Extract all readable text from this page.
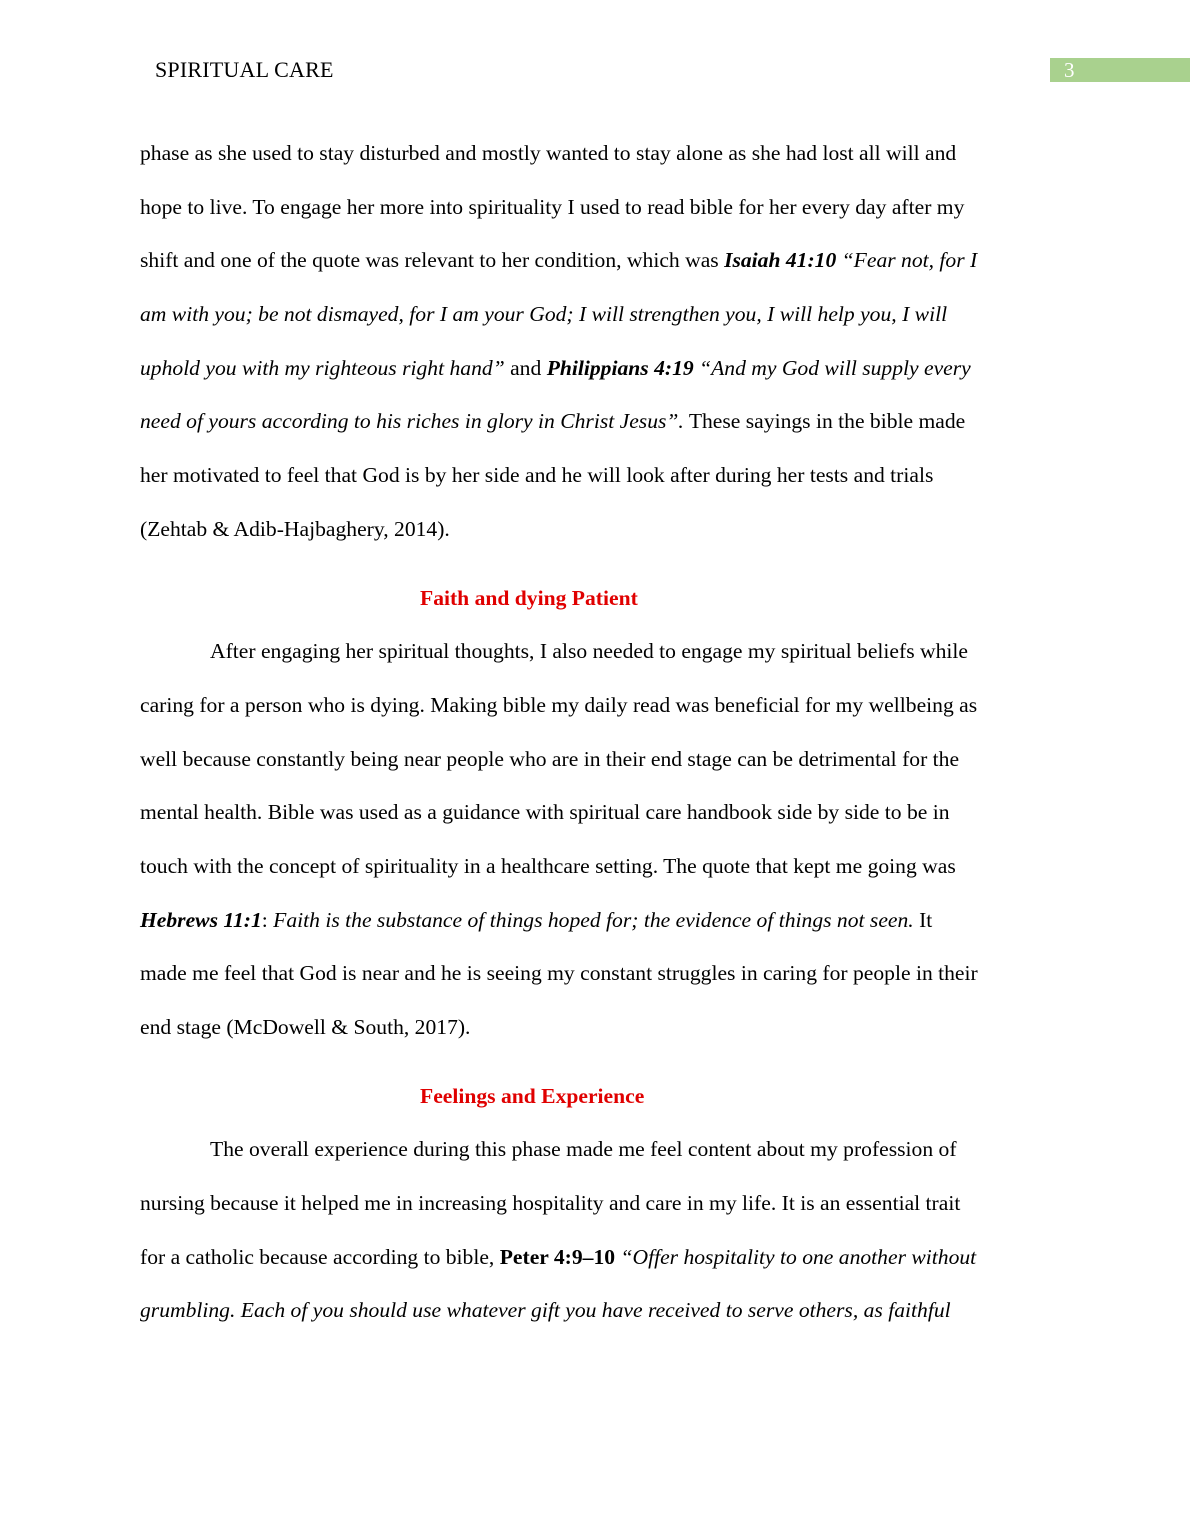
SPIRITUAL CARE	3
phase as she used to stay disturbed and mostly wanted to stay alone as she had lost all will and
hope to live. To engage her more into spirituality I used to read bible for her every day after my
shift and one of the quote was relevant to her condition, which was Isaiah 41:10 “Fear not, for I
am with you; be not dismayed, for I am your God; I will strengthen you, I will help you, I will
uphold you with my righteous right hand” and Philippians 4:19 “And my God will supply every
need of yours according to his riches in glory in Christ Jesus”. These sayings in the bible made
her motivated to feel that God is by her side and he will look after during her tests and trials
(Zehtab & Adib-Hajbaghery, 2014).
Faith and dying Patient
After engaging her spiritual thoughts, I also needed to engage my spiritual beliefs while
caring for a person who is dying. Making bible my daily read was beneficial for my wellbeing as
well because constantly being near people who are in their end stage can be detrimental for the
mental health. Bible was used as a guidance with spiritual care handbook side by side to be in
touch with the concept of spirituality in a healthcare setting. The quote that kept me going was
Hebrews 11:1: Faith is the substance of things hoped for; the evidence of things not seen. It
made me feel that God is near and he is seeing my constant struggles in caring for people in their
end stage (McDowell & South, 2017).
Feelings and Experience
The overall experience during this phase made me feel content about my profession of
nursing because it helped me in increasing hospitality and care in my life. It is an essential trait
for a catholic because according to bible, Peter 4:9–10 “Offer hospitality to one another without
grumbling. Each of you should use whatever gift you have received to serve others, as faithful
